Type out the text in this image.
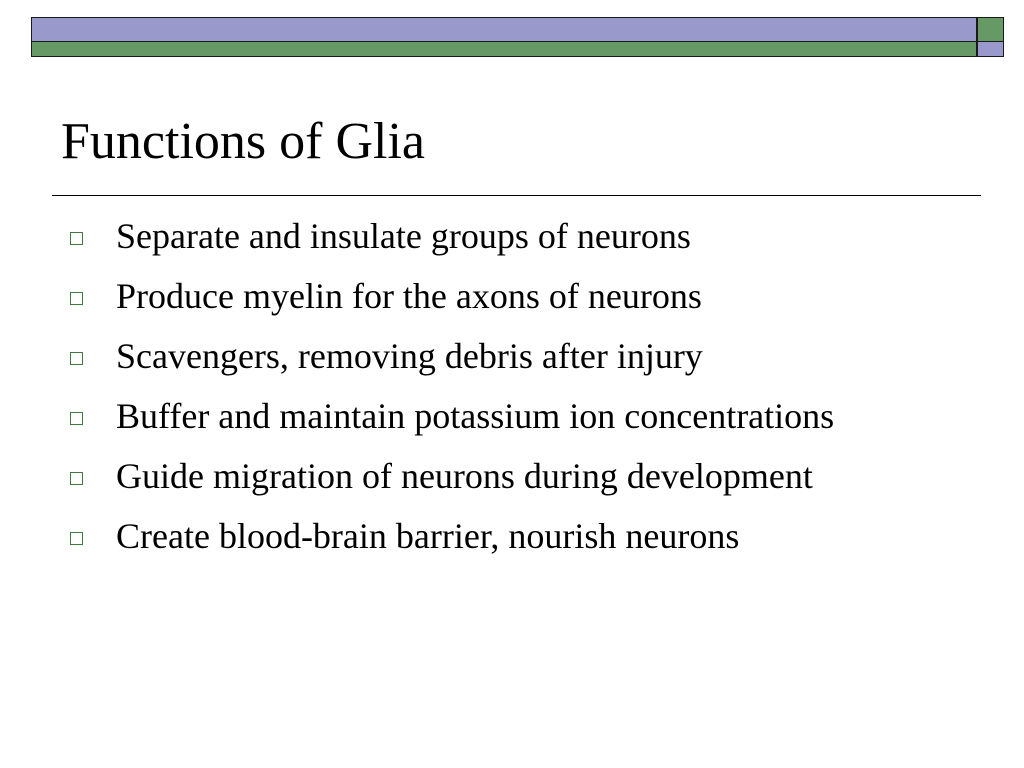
Functions of Glia
Separate and insulate groups of neurons
Produce myelin for the axons of neurons
Scavengers, removing debris after injury
Buffer and maintain potassium ion concentrations
Guide migration of neurons during development
Create blood-brain barrier, nourish neurons
